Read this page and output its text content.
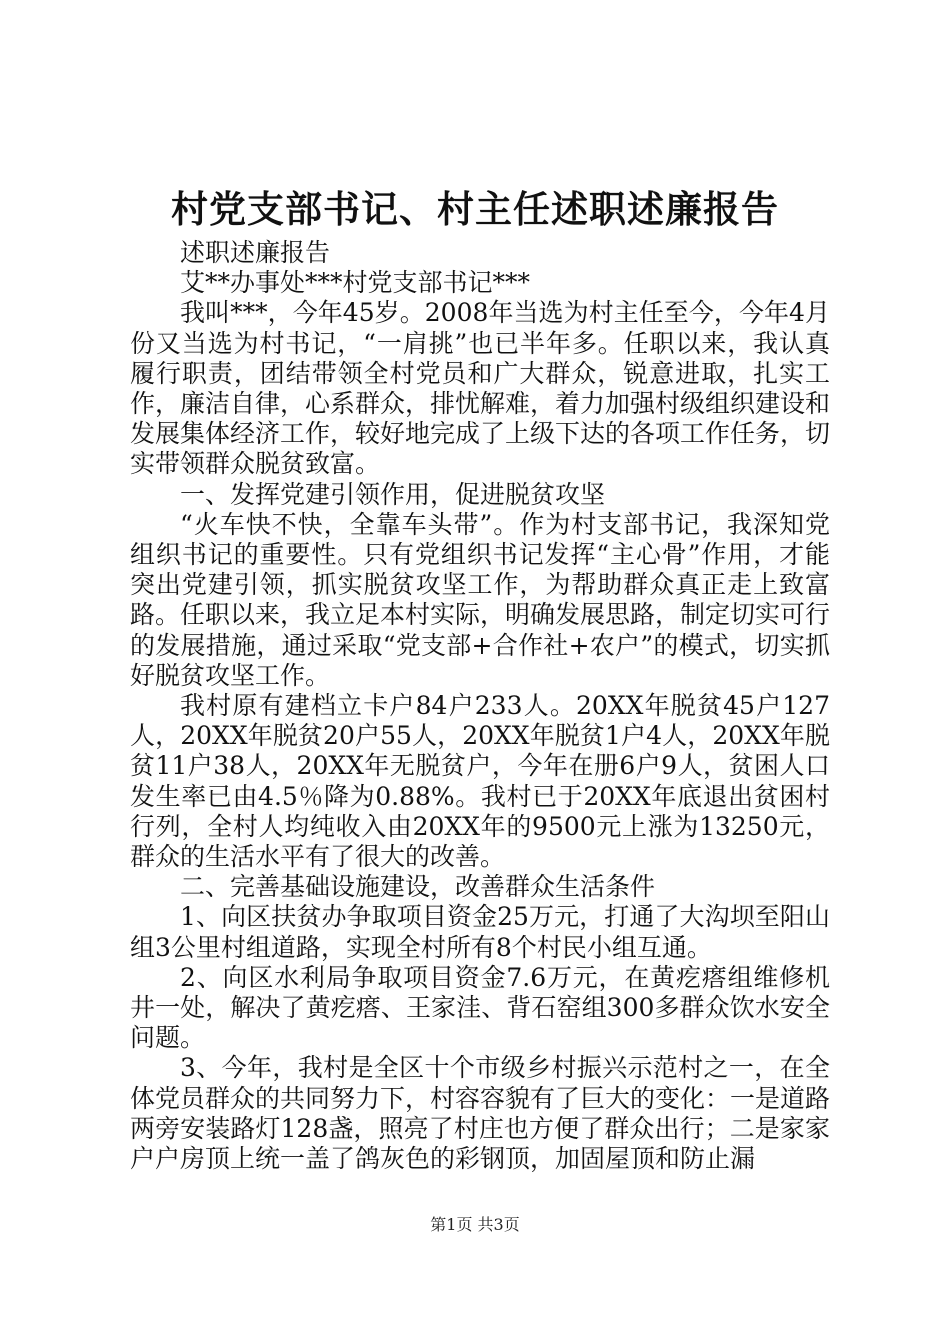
村党支部书记、村主任述职述廉报告

述职述廉报告

艾**办事处***村党支部书记***

我叫***，今年45岁。2008年当选为村主任至今，今年4月份又当选为村书记，“一肩挑”也已半年多。任职以来，我认真履行职责，团结带领全村党员和广大群众，锐意进取，扎实工作，廉洁自律，心系群众，排忧解难，着力加强村级组织建设和发展集体经济工作，较好地完成了上级下达的各项工作任务，切实带领群众脱贫致富。

一、发挥党建引领作用，促进脱贫攻坚

“火车快不快，全靠车头带”。作为村支部书记，我深知党组织书记的重要性。只有党组织书记发挥“主心骨”作用，才能突出党建引领，抓实脱贫攻坚工作，为帮助群众真正走上致富路。任职以来，我立足本村实际，明确发展思路，制定切实可行的发展措施，通过采取“党支部+合作社+农户”的模式，切实抓好脱贫攻坚工作。

我村原有建档立卡户84户233人。20XX年脱贫45户127人，20XX年脱贫20户55人，20XX年脱贫1户4人，20XX年脱贫11户38人，20XX年无脱贫户，今年在册6户9人，贫困人口发生率已由4.5％降为0.88%。我村已于20XX年底退出贫困村行列，全村人均纯收入由20XX年的9500元上涨为13250元，群众的生活水平有了很大的改善。

二、完善基础设施建设，改善群众生活条件

1、向区扶贫办争取项目资金25万元，打通了大沟坝至阳山组3公里村组道路，实现全村所有8个村民小组互通。

2、向区水利局争取项目资金7.6万元，在黄疙瘩组维修机井一处，解决了黄疙瘩、王家洼、背石窑组300多群众饮水安全问题。

3、今年，我村是全区十个市级乡村振兴示范村之一，在全体党员群众的共同努力下，村容容貌有了巨大的变化：一是道路两旁安装路灯128盏，照亮了村庄也方便了群众出行；二是家家户户房顶上统一盖了鸽灰色的彩钢顶，加固屋顶和防止漏

第1页 共3页
